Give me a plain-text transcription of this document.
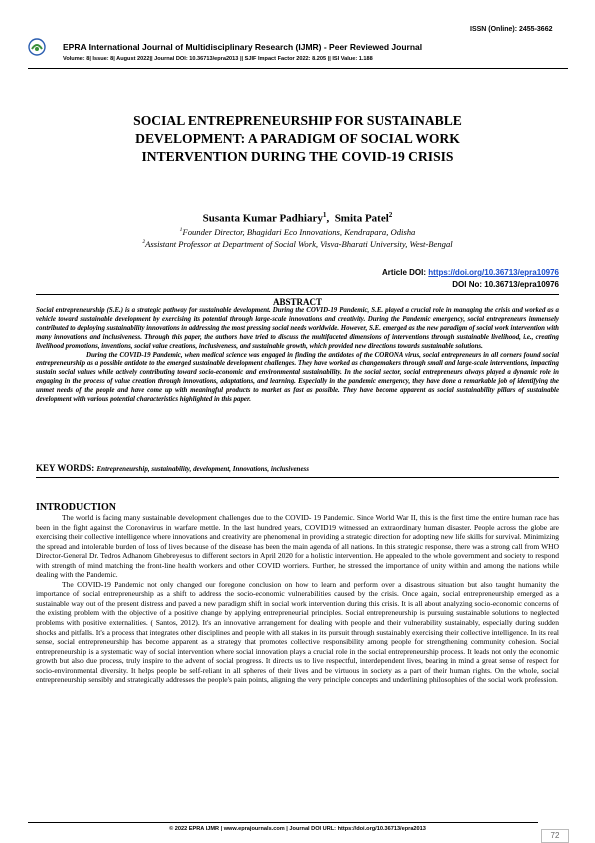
ISSN (Online): 2455-3662
EPRA International Journal of Multidisciplinary Research (IJMR) - Peer Reviewed Journal
Volume: 8| Issue: 8| August 2022|| Journal DOI: 10.36713/epra2013 || SJIF Impact Factor 2022: 8.205 || ISI Value: 1.188
SOCIAL ENTREPRENEURSHIP FOR SUSTAINABLE
DEVELOPMENT: A PARADIGM OF SOCIAL WORK
INTERVENTION DURING THE COVID-19 CRISIS
Susanta Kumar Padhiary$^1$,  Smita Patel$^2$
$^1$Founder Director, Bhagidari Eco Innovations, Kendrapara, Odisha
$^2$Assistant Professor at Department of Social Work, Visva-Bharati University, West-Bengal
Article DOI: https://doi.org/10.36713/epra10976
DOI No: 10.36713/epra10976
ABSTRACT

Social entrepreneurship (S.E.) is a strategic pathway for sustainable development. During the COVID-19 Pandemic, S.E. played a crucial role in managing the crisis and worked as a vehicle toward sustainable development by exercising its potential through large-scale innovations and creativity. During the Pandemic emergency, social entrepreneurs immensely contributed to deploying sustainability innovations in addressing the most pressing social needs worldwide. However, S.E. emerged as the new paradigm of social work intervention with many innovations and inclusiveness. Through this paper, the authors have tried to discuss the multifaceted dimensions of interventions through sustainable livelihood, i.e., creating livelihood promotions, inventions, social value creations, inclusiveness, and sustainable growth, which provided new directions towards sustainable solutions.

During the COVID-19 Pandemic, when medical science was engaged in finding the antidotes of the CORONA virus, social entrepreneurs in all corners found social entrepreneurship as a possible antidote to the emerged sustainable development challenges. They have worked as changemakers through small and large-scale interventions, impacting sustain social values while actively contributing toward socio-economic and environmental sustainability. In the social sector, social entrepreneurs always played a dynamic role in engaging in the process of value creation through innovations, adaptations, and learning. Especially in the pandemic emergency, they have done a remarkable job of identifying the unmet needs of the people and have come up with meaningful products to market as fast as possible. They have become apparent as social sustainability pillars of sustainable development with various potential characteristics highlighted in this paper.

KEY WORDS: Entrepreneurship, sustainability, development, Innovations, inclusiveness
INTRODUCTION

The world is facing many sustainable development challenges due to the COVID- 19 Pandemic. Since World War II, this is the first time the entire human race has been in the fight against the Coronavirus in warfare mettle. In the last hundred years, COVID19 witnessed an extraordinary human disaster. People across the globe are exercising their collective intelligence where innovations and creativity are phenomenal in providing a strategic direction for adopting new life skills for survival. Minimizing the spread and intolerable burden of loss of lives because of the disease has been the main agenda of all nations. In this strategic response, there was a strong call from WHO Director-General Dr. Tedros Adhanom Ghebreyesus to different sectors in April 2020 for a holistic intervention. He appealed to the whole government and society to respond with strength of mind matching the front-line health workers and other COVID worriers. Further, he stressed the importance of unity within and among the nations while dealing with the Pandemic.

The COVID-19 Pandemic not only changed our foregone conclusion on how to learn and perform over a disastrous situation but also taught humanity the importance of social entrepreneurship as a shift to address the socio-economic vulnerabilities caused by the crisis. Once again, social entrepreneurship emerged as a sustainable way out of the present distress and paved a new paradigm shift in social work intervention during this crisis. It is all about analyzing socio-economic concerns of the existing problem with the objective of a positive change by applying entrepreneurial principles. Social entrepreneurship is pursuing sustainable solutions to neglected problems with positive externalities. ( Santos, 2012). It's an innovative arrangement for dealing with people and their vulnerability sustainably, especially during sudden shocks and pitfalls. It's a process that integrates other disciplines and people with all stakes in its pursuit through sustainably exercising their collective intelligence. In its real sense, social entrepreneurship has become apparent as a strategy that promotes collective responsibility among people for strengthening community cohesion. Social entrepreneurship is a systematic way of social intervention where social innovation plays a crucial role in the social entrepreneurship process. It leads not only the economic growth but also due process, truly inspire to the advent of social progress. It directs us to live respectful, interdependent lives, bearing in mind a great sense of respect for socio-environmental diversity. It helps people be self-reliant in all spheres of their lives and be virtuous in society as a part of their human rights. On the whole, social entrepreneurship sensibly and strategically addresses the people's pain points, aligning the very principle concepts and underlining philosophies of the social work profession.

© 2022 EPRA IJMR | www.eprajournals.com | Journal DOI URL: https://doi.org/10.36713/epra2013
72
